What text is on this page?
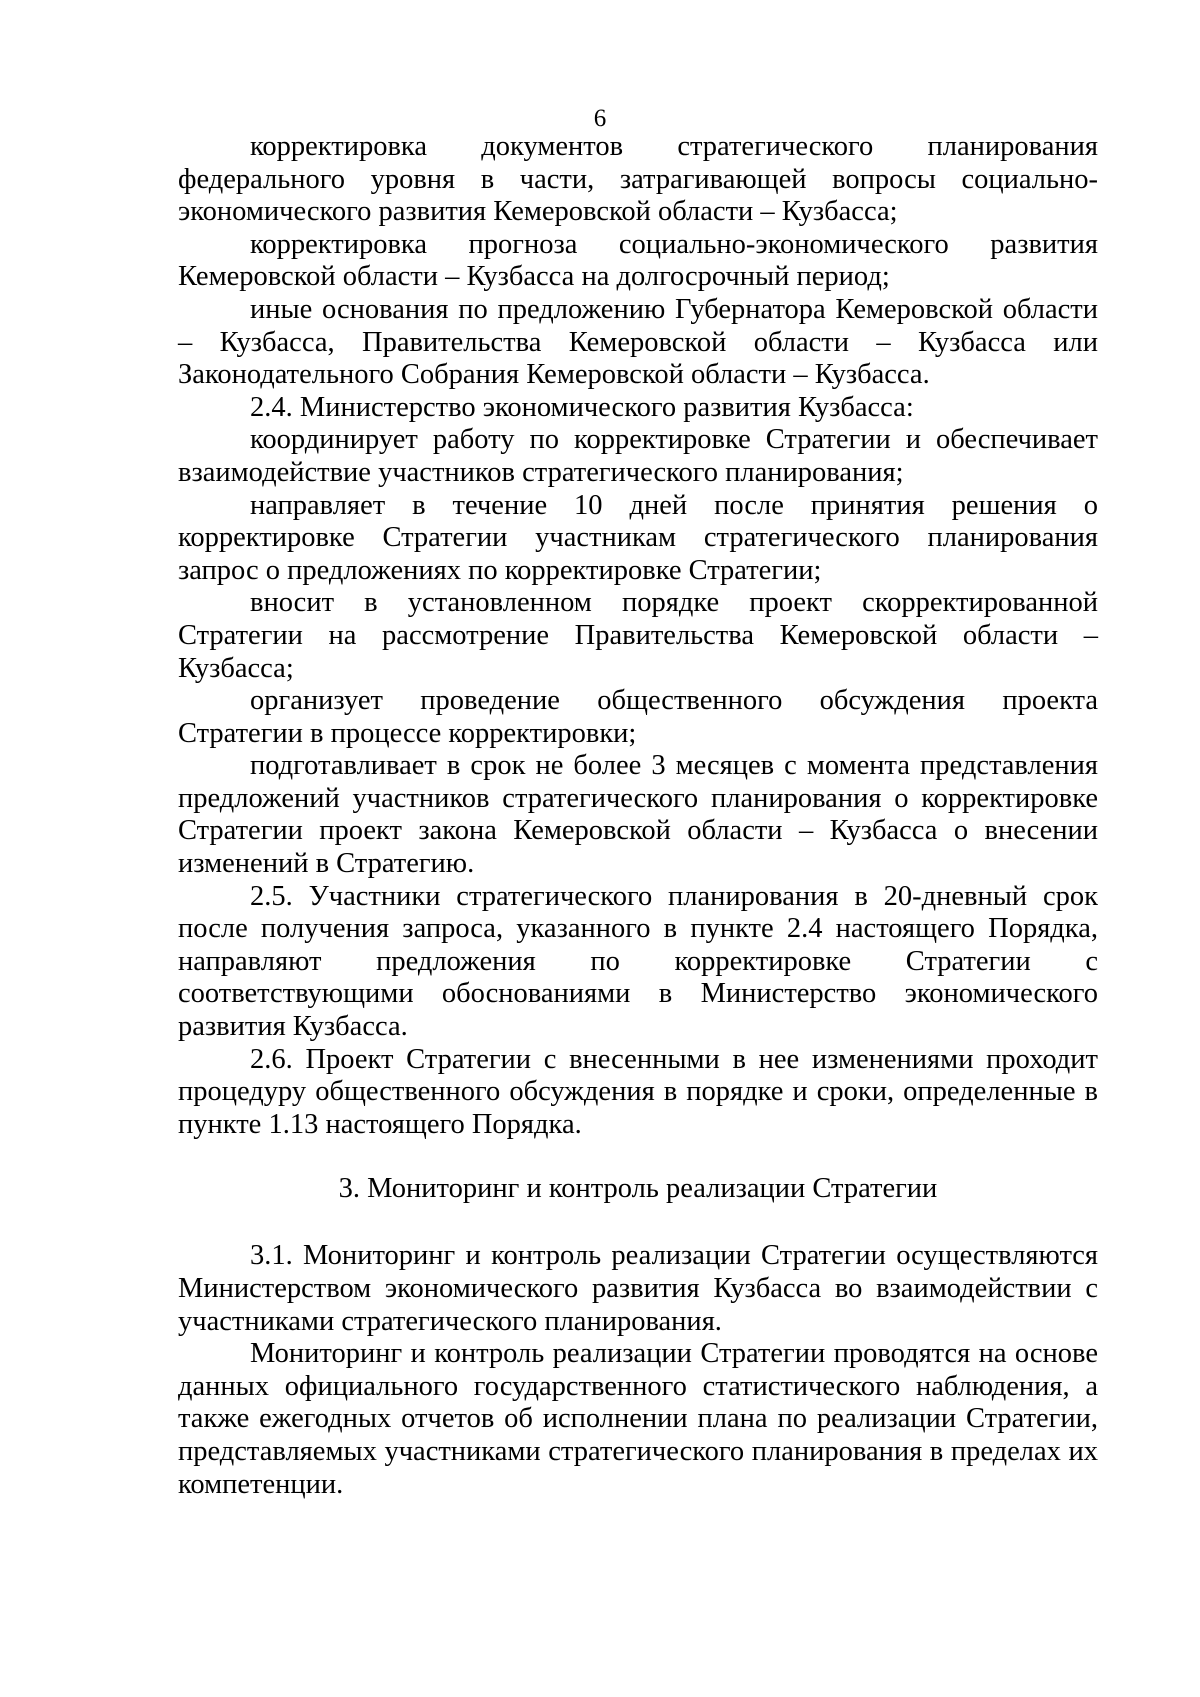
6

корректировка документов стратегического планирования федерального уровня в части, затрагивающей вопросы социально-экономического развития Кемеровской области – Кузбасса;

корректировка прогноза социально-экономического развития Кемеровской области – Кузбасса на долгосрочный период;

иные основания по предложению Губернатора Кемеровской области – Кузбасса, Правительства Кемеровской области – Кузбасса или Законодательного Собрания Кемеровской области – Кузбасса.

2.4. Министерство экономического развития Кузбасса:

координирует работу по корректировке Стратегии и обеспечивает взаимодействие участников стратегического планирования;

направляет в течение 10 дней после принятия решения о корректировке Стратегии участникам стратегического планирования запрос о предложениях по корректировке Стратегии;

вносит в установленном порядке проект скорректированной Стратегии на рассмотрение Правительства Кемеровской области – Кузбасса;

организует проведение общественного обсуждения проекта Стратегии в процессе корректировки;

подготавливает в срок не более 3 месяцев с момента представления предложений участников стратегического планирования о корректировке Стратегии проект закона Кемеровской области – Кузбасса о внесении изменений в Стратегию.

2.5. Участники стратегического планирования в 20-дневный срок после получения запроса, указанного в пункте 2.4 настоящего Порядка, направляют предложения по корректировке Стратегии с соответствующими обоснованиями в Министерство экономического развития Кузбасса.

2.6. Проект Стратегии с внесенными в нее изменениями проходит процедуру общественного обсуждения в порядке и сроки, определенные в пункте 1.13 настоящего Порядка.

3. Мониторинг и контроль реализации Стратегии

3.1. Мониторинг и контроль реализации Стратегии осуществляются Министерством экономического развития Кузбасса во взаимодействии с участниками стратегического планирования.

Мониторинг и контроль реализации Стратегии проводятся на основе данных официального государственного статистического наблюдения, а также ежегодных отчетов об исполнении плана по реализации Стратегии, представляемых участниками стратегического планирования в пределах их компетенции.
